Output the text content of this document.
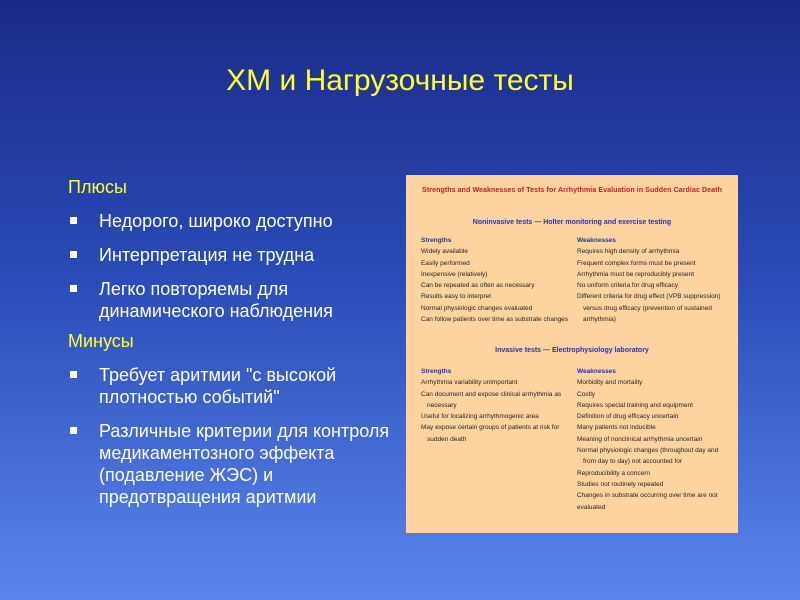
ХМ и Нагрузочные тесты
Плюсы
Недорого, широко доступно
Интерпретация не трудна
Легко повторяемы для динамического наблюдения
Минусы
Требует аритмии "с высокой плотностью событий"
Различные критерии для контроля медикаментозного эффекта (подавление ЖЭС) и предотвращения аритмии
Strengths and Weaknesses of Tests for Arrhythmia Evaluation in Sudden Cardiac Death
Noninvasive tests — Holter monitoring and exercise testing
Strengths
Widely available
Easily performed
Inexpensive (relatively)
Can be repeated as often as necessary
Results easy to interpret
Normal physiologic changes evaluated
Can follow patients over time as substrate changes
Weaknesses
Requires high density of arrhythmia
Frequent complex forms must be present
Arrhythmia must be reproducibly present
No uniform criteria for drug efficacy
Different criteria for drug effect (VPB suppression)
versus drug efficacy (prevention of sustained
arrhythmia)
Invasive tests — Electrophysiology laboratory
Strengths
Arrhythmia variability unimportant
Can document and expose clinical arrhythmia as
necessary
Useful for localizing arrhythmogenic area
May expose certain groups of patients at risk for
sudden death
Weaknesses
Morbidity and mortality
Costly
Requires special training and equipment
Definition of drug efficacy uncertain
Many patients not inducible
Meaning of nonclinical arrhythmia uncertain
Normal physiologic changes (throughout day and
from day to day) not accounted for
Reproducibility a concern
Studies not routinely repeated
Changes in substrate occurring over time are not
evaluated
